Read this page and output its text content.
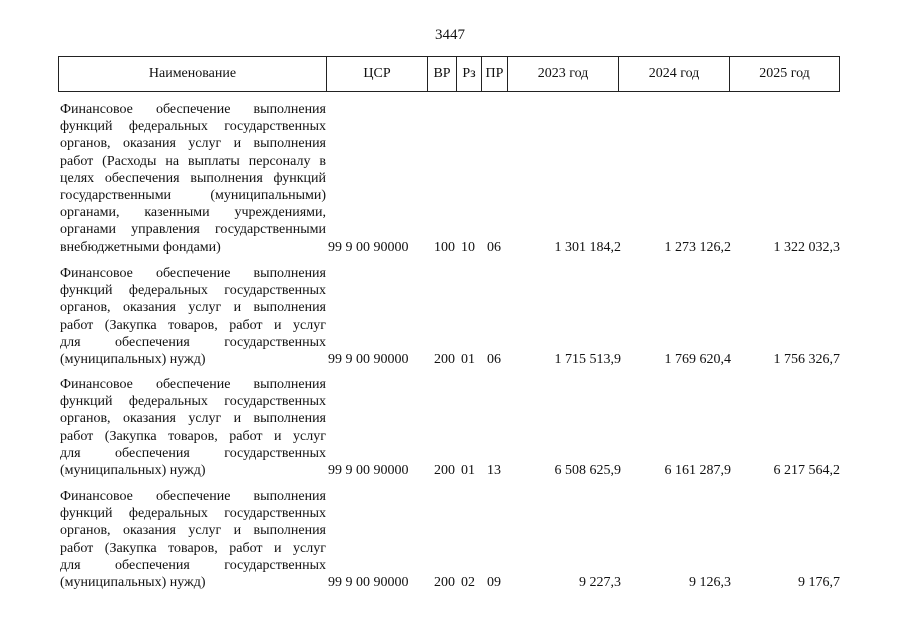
3447
Наименование	ЦСР	ВР Рз ПР	2023 год	2024 год	2025 год
Финансовое обеспечение выполнения
функций федеральных государственных
органов, оказания услуг и выполнения
работ (Расходы на выплаты персоналу в
целях обеспечения выполнения функций
государственными (муниципальными)
органами, казенными учреждениями,
органами управления государственными
внебюджетными фондами)	99 9 00 90000 100 10 06	1 301 184,2	1 273 126,2	1 322 032,3
Финансовое обеспечение выполнения
функций федеральных государственных
органов, оказания услуг и выполнения
работ (Закупка товаров, работ и услуг
для обеспечения государственных
(муниципальных) нужд)	99 9 00 90000 200 01 06	1 715 513,9	1 769 620,4	1 756 326,7
Финансовое обеспечение выполнения
функций федеральных государственных
органов, оказания услуг и выполнения
работ (Закупка товаров, работ и услуг
для обеспечения государственных
(муниципальных) нужд)	99 9 00 90000 200 01 13	6 508 625,9	6 161 287,9	6 217 564,2
Финансовое обеспечение выполнения
функций федеральных государственных
органов, оказания услуг и выполнения
работ (Закупка товаров, работ и услуг
для обеспечения государственных
(муниципальных) нужд)	99 9 00 90000 200 02 09	9 227,3	9 126,3	9 176,7
